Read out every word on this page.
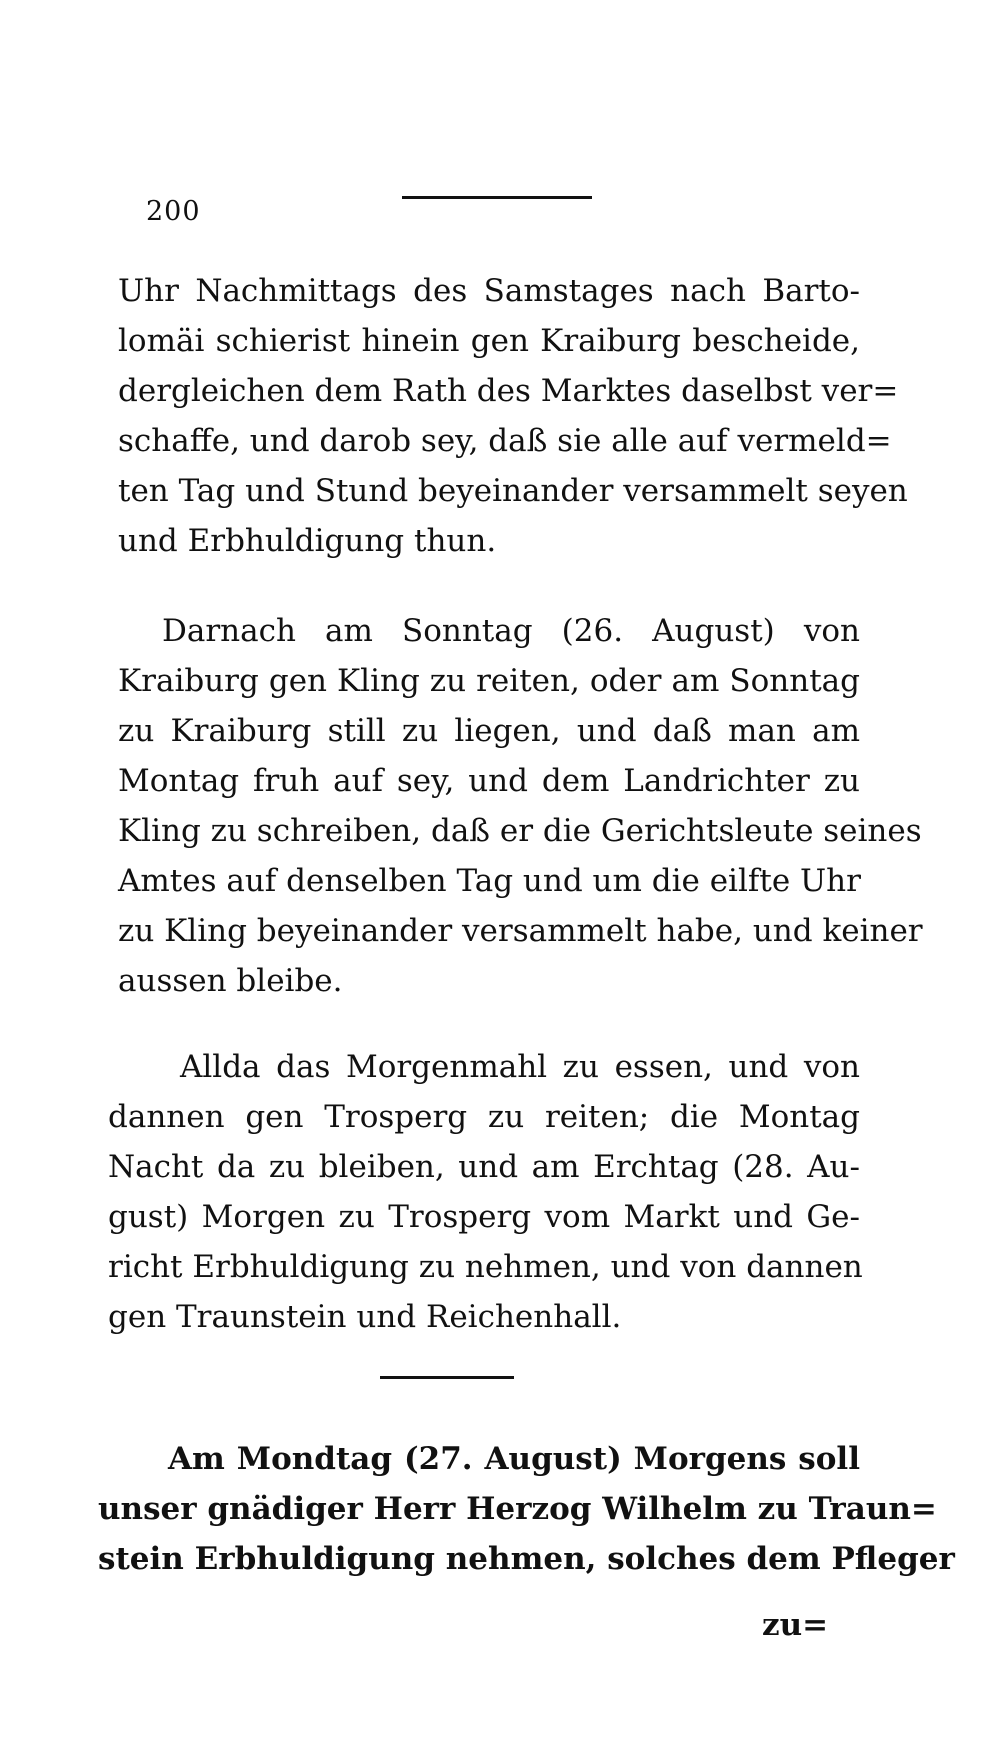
200
Uhr Nachmittags des Samstages nach Barto-
lomäi schierist hinein gen Kraiburg bescheide,
dergleichen dem Rath des Marktes daselbst ver=
schaffe, und darob sey, daß sie alle auf vermeld=
ten Tag und Stund beyeinander versammelt seyen
und Erbhuldigung thun.
Darnach am Sonntag (26. August) von
Kraiburg gen Kling zu reiten, oder am Sonntag
zu Kraiburg still zu liegen, und daß man am
Montag fruh auf sey, und dem Landrichter zu
Kling zu schreiben, daß er die Gerichtsleute seines
Amtes auf denselben Tag und um die eilfte Uhr
zu Kling beyeinander versammelt habe, und keiner
aussen bleibe.
Allda das Morgenmahl zu essen, und von
dannen gen Trosperg zu reiten; die Montag
Nacht da zu bleiben, und am Erchtag (28. Au-
gust) Morgen zu Trosperg vom Markt und Ge-
richt Erbhuldigung zu nehmen, und von dannen
gen Traunstein und Reichenhall.
Am Mondtag (27. August) Morgens soll
unser gnädiger Herr Herzog Wilhelm zu Traun=
stein Erbhuldigung nehmen, solches dem Pfleger
zu=
